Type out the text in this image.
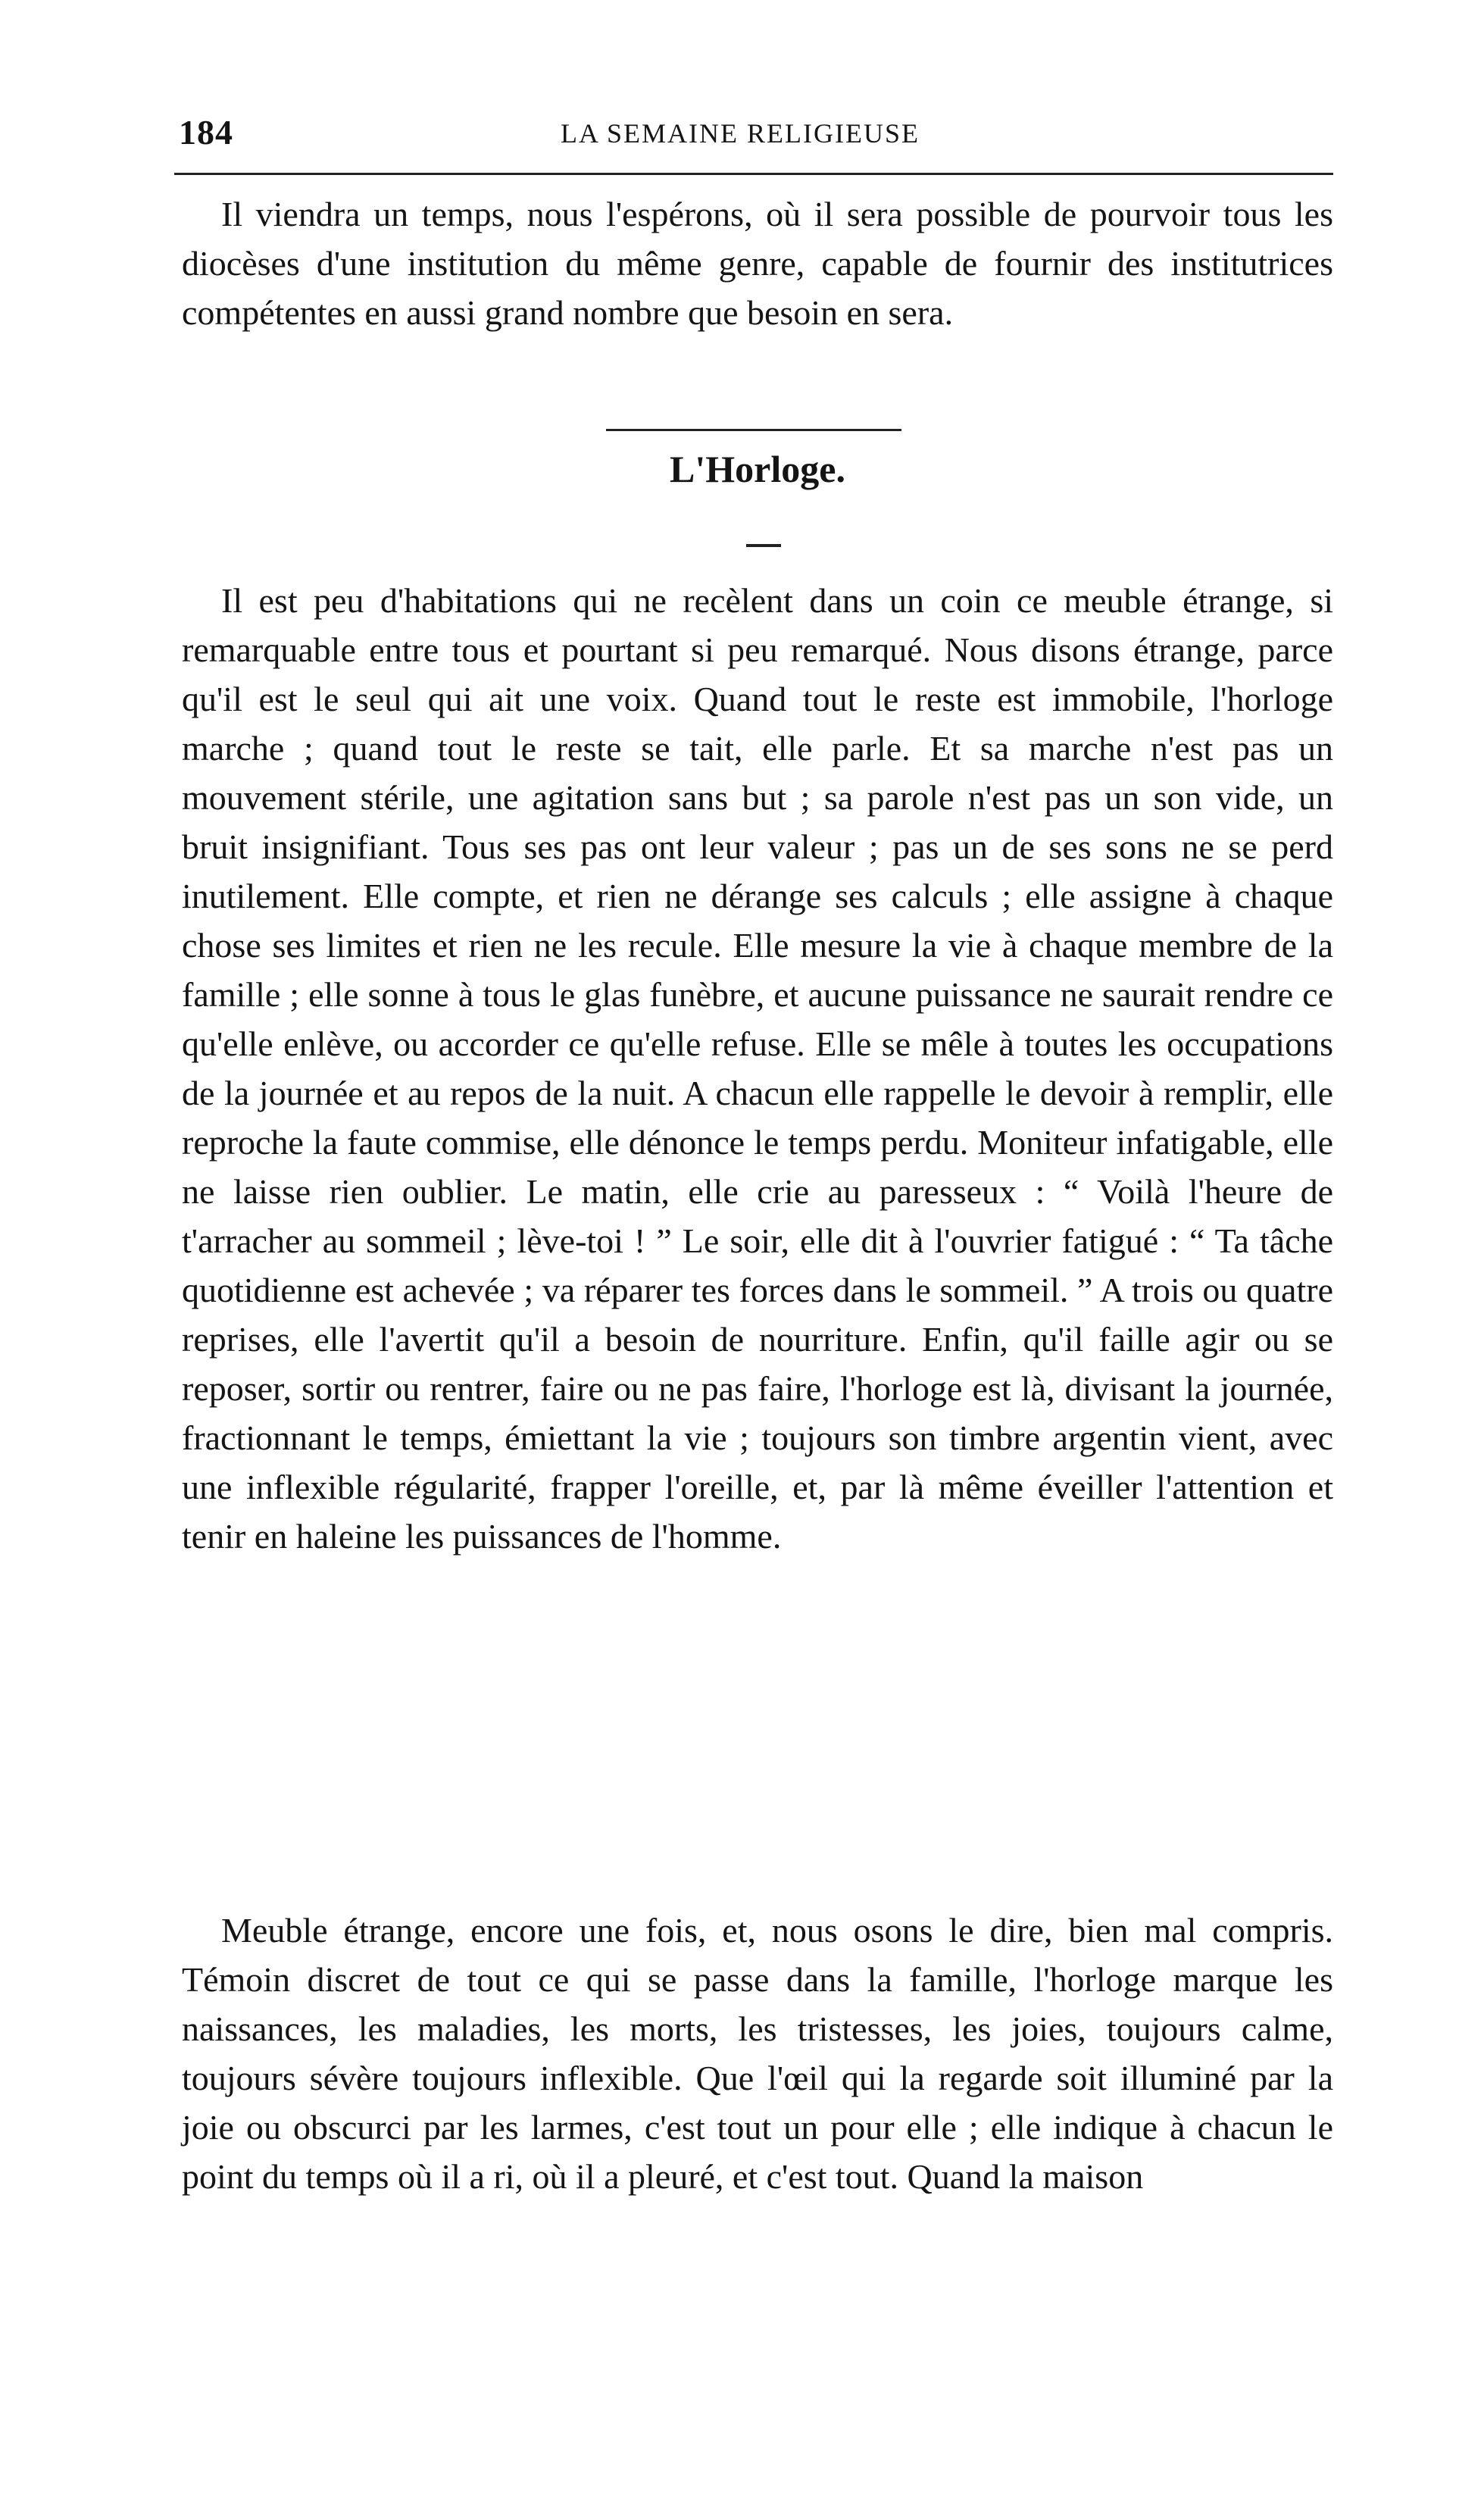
184	LA SEMAINE RELIGIEUSE

Il viendra un temps, nous l'espérons, où il sera possible de pourvoir tous les diocèses d'une institution du même genre, capable de fournir des institutrices compétentes en aussi grand nombre que besoin en sera.

L'Horloge.

Il est peu d'habitations qui ne recèlent dans un coin ce meuble étrange, si remarquable entre tous et pourtant si peu remarqué. Nous disons étrange, parce qu'il est le seul qui ait une voix. Quand tout le reste est immobile, l'horloge marche ; quand tout le reste se tait, elle parle. Et sa marche n'est pas un mouvement stérile, une agitation sans but ; sa parole n'est pas un son vide, un bruit insignifiant. Tous ses pas ont leur valeur ; pas un de ses sons ne se perd inutilement. Elle compte, et rien ne dérange ses calculs ; elle assigne à chaque chose ses limites et rien ne les recule. Elle mesure la vie à chaque membre de la famille ; elle sonne à tous le glas funèbre, et aucune puissance ne saurait rendre ce qu'elle enlève, ou accorder ce qu'elle refuse. Elle se mêle à toutes les occupations de la journée et au repos de la nuit. A chacun elle rappelle le devoir à remplir, elle reproche la faute commise, elle dénonce le temps perdu. Moniteur infatigable, elle ne laisse rien oublier. Le matin, elle crie au paresseux : “ Voilà l'heure de t'arracher au sommeil ; lève-toi ! ” Le soir, elle dit à l'ouvrier fatigué : “ Ta tâche quotidienne est achevée ; va réparer tes forces dans le sommeil. ” A trois ou quatre reprises, elle l'avertit qu'il a besoin de nourriture. Enfin, qu'il faille agir ou se reposer, sortir ou rentrer, faire ou ne pas faire, l'horloge est là, divisant la journée, fractionnant le temps, émiettant la vie ; toujours son timbre argentin vient, avec une inflexible régularité, frapper l'oreille, et, par là même éveiller l'attention et tenir en haleine les puissances de l'homme.

Meuble étrange, encore une fois, et, nous osons le dire, bien mal compris. Témoin discret de tout ce qui se passe dans la famille, l'horloge marque les naissances, les maladies, les morts, les tristesses, les joies, toujours calme, toujours sévère toujours inflexible. Que l'œil qui la regarde soit illuminé par la joie ou obscurci par les larmes, c'est tout un pour elle ; elle indique à chacun le point du temps où il a ri, où il a pleuré, et c'est tout. Quand la maison
